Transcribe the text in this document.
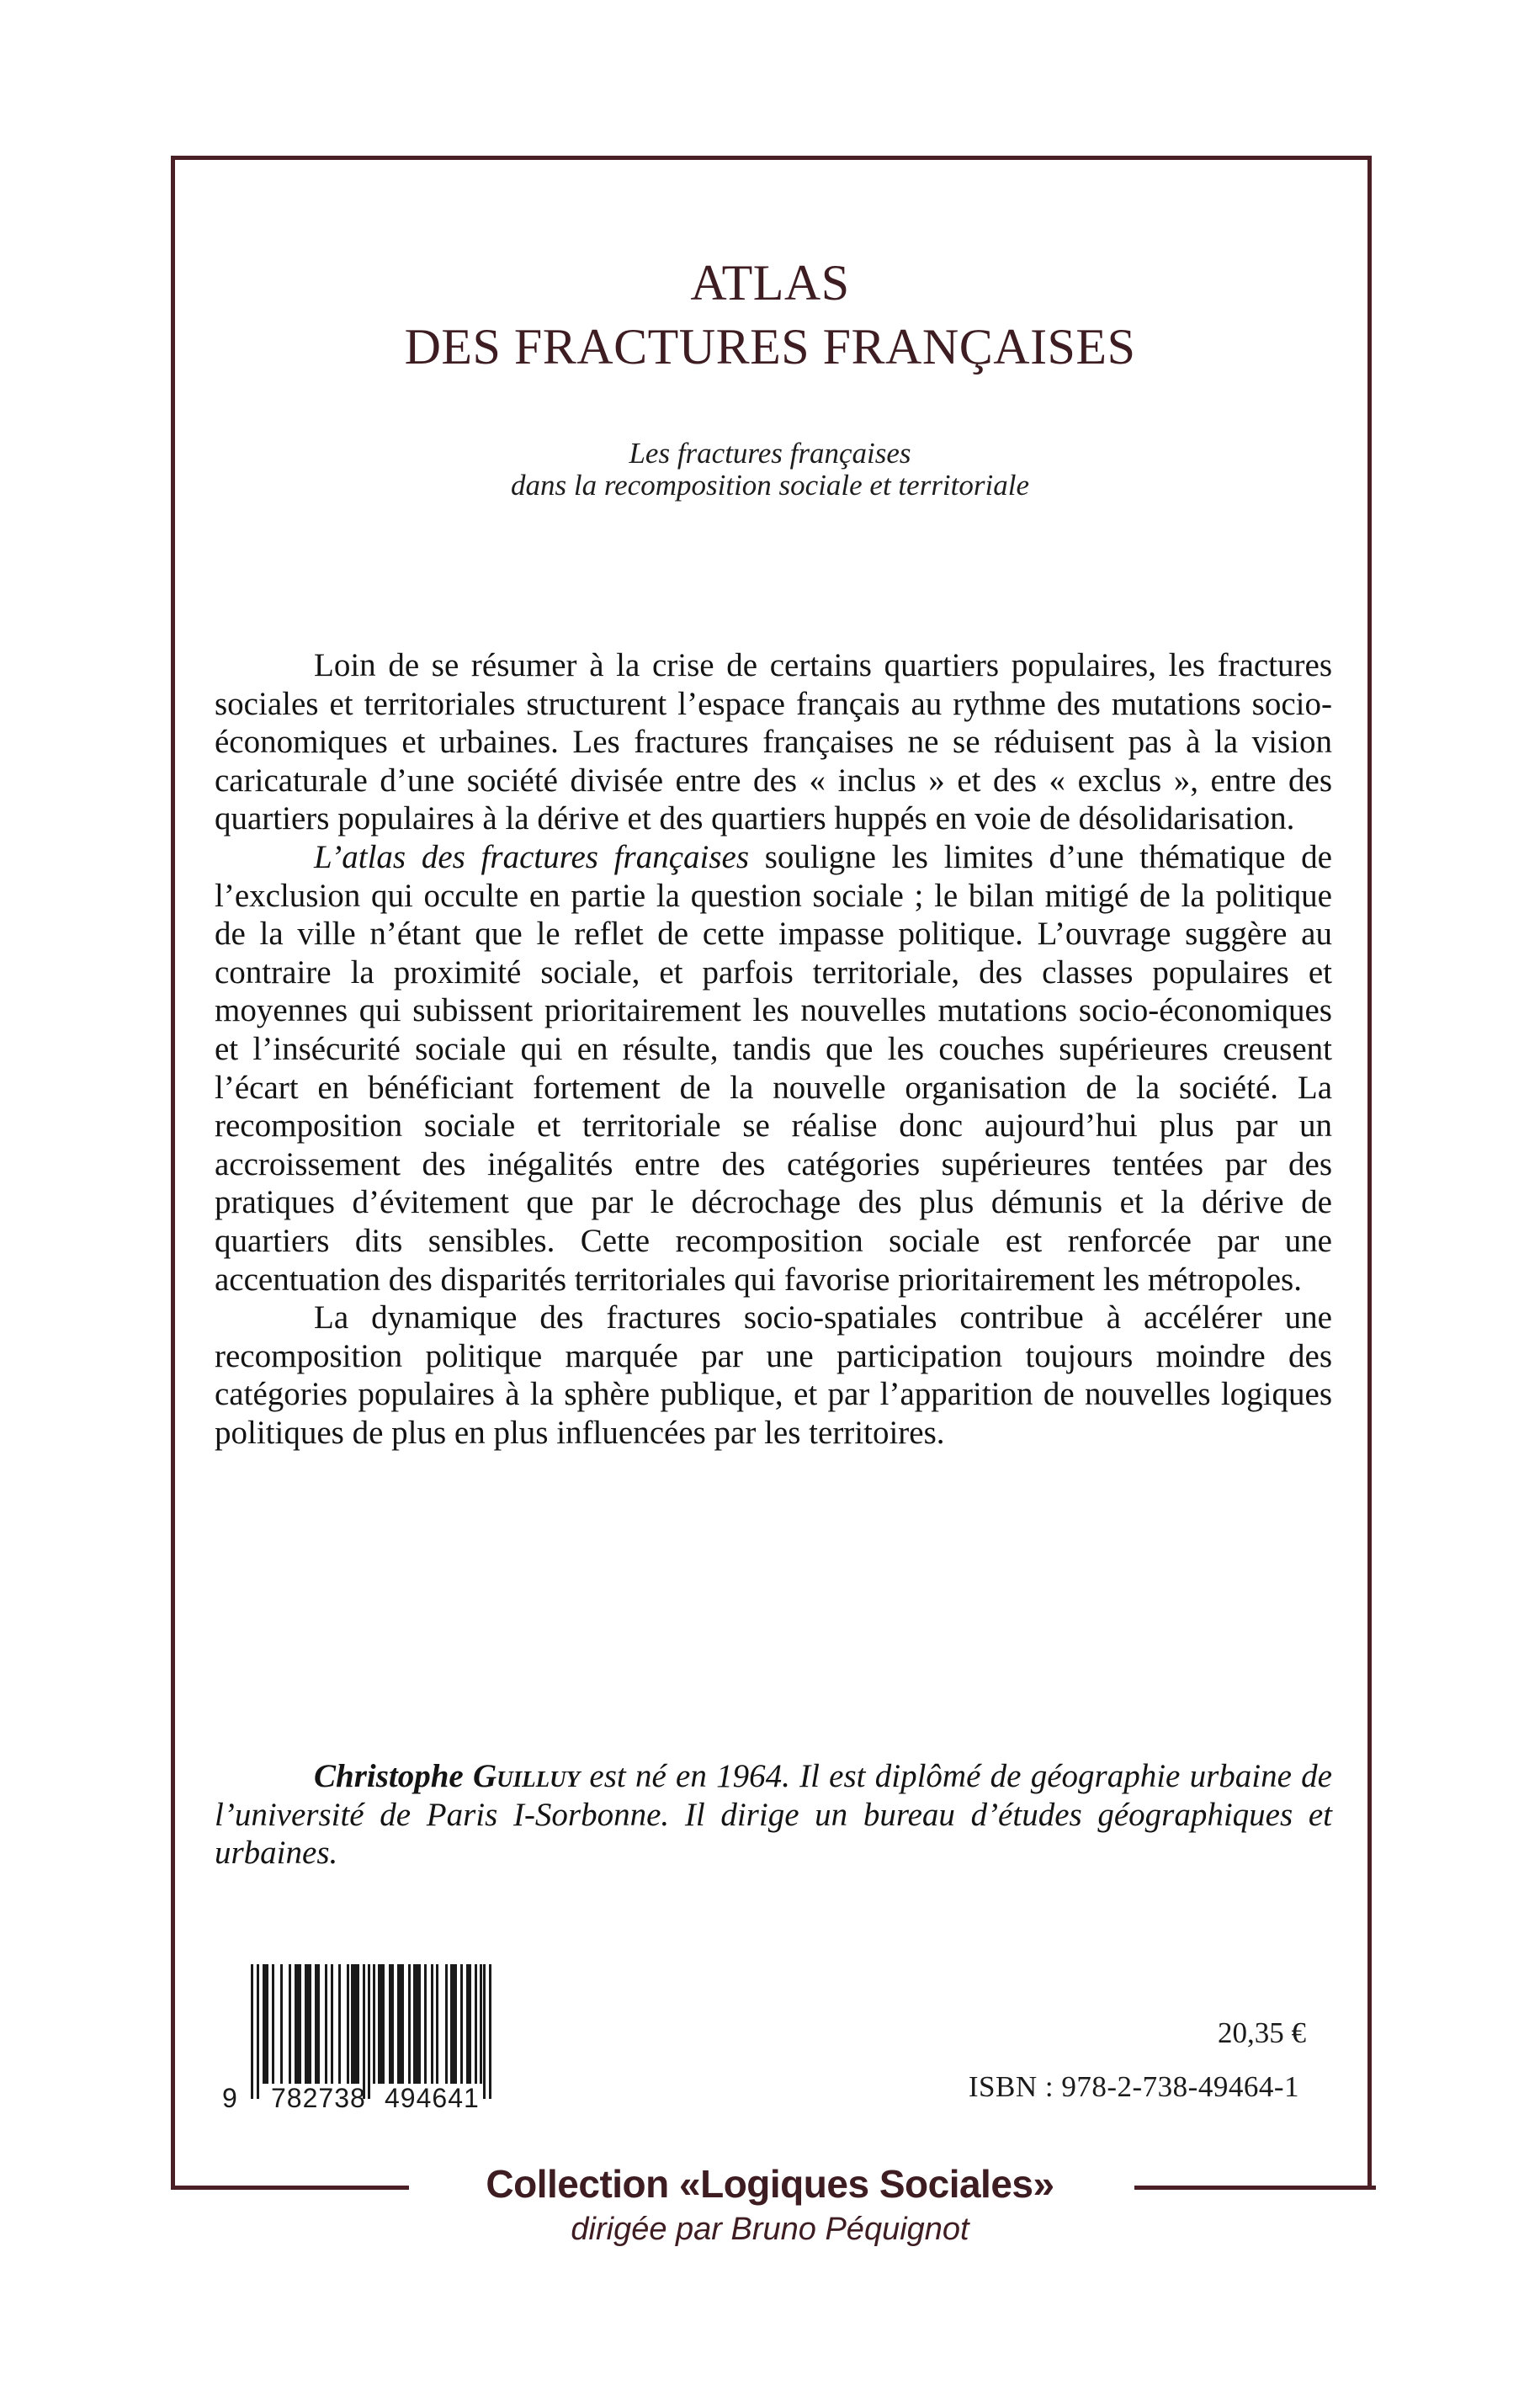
ATLAS
DES FRACTURES FRANÇAISES
Les fractures françaises
dans la recomposition sociale et territoriale

Loin de se résumer à la crise de certains quartiers populaires, les fractures sociales et territoriales structurent l’espace français au rythme des mutations socio-économiques et urbaines. Les fractures françaises ne se réduisent pas à la vision caricaturale d’une société divisée entre des « inclus » et des « exclus », entre des quartiers populaires à la dérive et des quartiers huppés en voie de désolidarisation.

L’atlas des fractures françaises souligne les limites d’une thématique de l’exclusion qui occulte en partie la question sociale ; le bilan mitigé de la politique de la ville n’étant que le reflet de cette impasse politique. L’ouvrage suggère au contraire la proximité sociale, et parfois territoriale, des classes populaires et moyennes qui subissent prioritairement les nouvelles mutations socio-économiques et l’insécurité sociale qui en résulte, tandis que les couches supérieures creusent l’écart en bénéficiant fortement de la nouvelle organisation de la société. La recomposition sociale et territoriale se réalise donc aujourd’hui plus par un accroissement des inégalités entre des catégories supérieures tentées par des pratiques d’évitement que par le décrochage des plus démunis et la dérive de quartiers dits sensibles. Cette recomposition sociale est renforcée par une accentuation des disparités territoriales qui favorise prioritairement les métropoles.

La dynamique des fractures socio-spatiales contribue à accélérer une recomposition politique marquée par une participation toujours moindre des catégories populaires à la sphère publique, et par l’apparition de nouvelles logiques politiques de plus en plus influencées par les territoires.

Christophe Guilluy est né en 1964. Il est diplômé de géographie urbaine de l’université de Paris I-Sorbonne. Il dirige un bureau d’études géographiques et urbaines.
9 782738 494641
20,35 €
ISBN : 978-2-738-49464-1
Collection «Logiques Sociales»
dirigée par Bruno Péquignot
